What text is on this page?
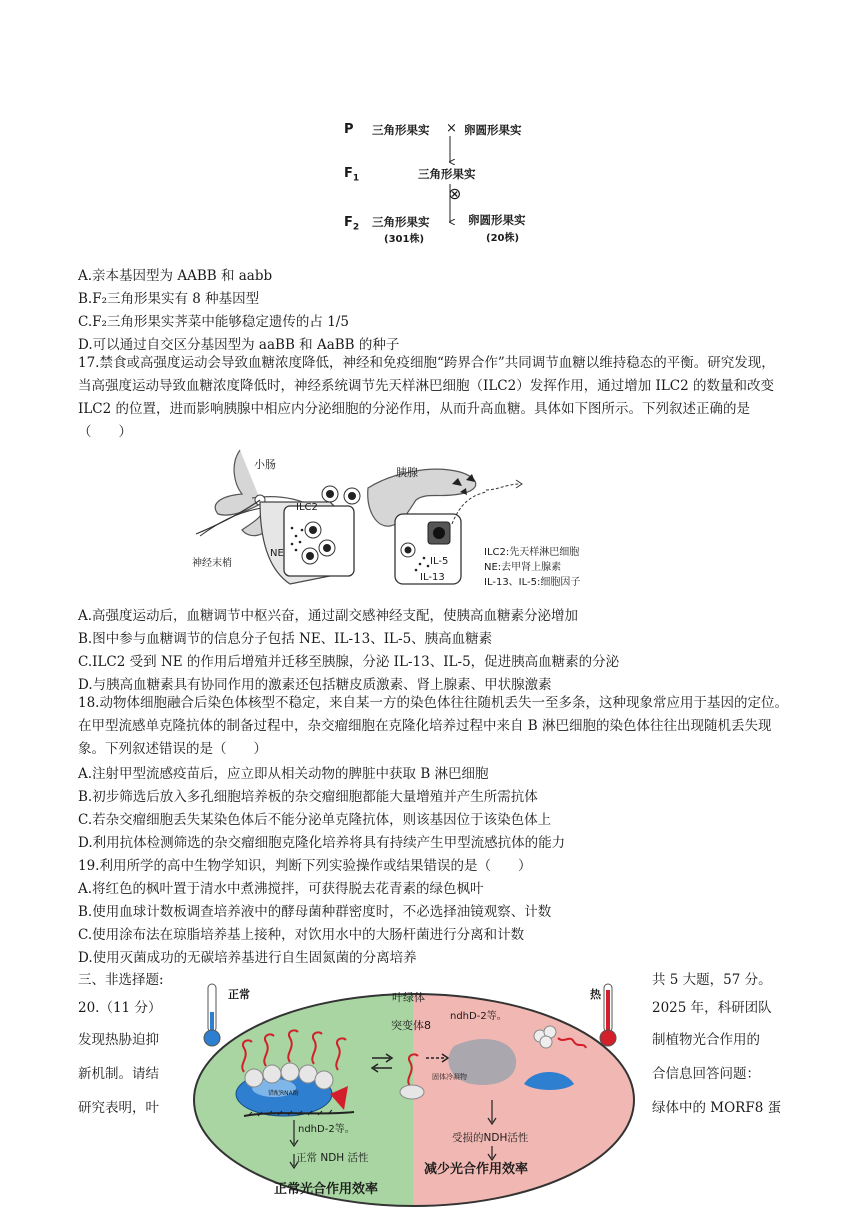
P 三角形果实 × 卵圆形果实
$F_1$	三角形果实
⊗
$F_2$ 三角形果实
(301株)
卵圆形果实
(20株)
A.亲本基因型为 AABB 和 aabb
B.F₂三角形果实有 8 种基因型
C.F₂三角形果实荠菜中能够稳定遗传的占 1/5
D.可以通过自交区分基因型为 aaBB 和 AaBB 的种子
17.禁食或高强度运动会导致血糖浓度降低，神经和免疫细胞“跨界合作”共同调节血糖以维持稳态的平衡。研究发现，当高强度运动导致血糖浓度降低时，神经系统调节先天样淋巴细胞（ILC2）发挥作用，通过增加 ILC2 的数量和改变 ILC2 的位置，进而影响胰腺中相应内分泌细胞的分泌作用，从而升高血糖。具体如下图所示。下列叙述正确的是（　　）
小肠
胰腺
ILC2
NE
神经末梢	IL-5
IL-13
ILC2:先天样淋巴细胞
NE:去甲肾上腺素
IL-13、IL-5:细胞因子
A.高强度运动后，血糖调节中枢兴奋，通过副交感神经支配，使胰高血糖素分泌增加
B.图中参与血糖调节的信息分子包括 NE、IL-13、IL-5、胰高血糖素
C.ILC2 受到 NE 的作用后增殖并迁移至胰腺，分泌 IL-13、IL-5，促进胰高血糖素的分泌
D.与胰高血糖素具有协同作用的激素还包括糖皮质激素、肾上腺素、甲状腺激素
18.动物体细胞融合后染色体核型不稳定，来自某一方的染色体往往随机丢失一至多条，这种现象常应用于基因的定位。在甲型流感单克隆抗体的制备过程中，杂交瘤细胞在克隆化培养过程中来自 B 淋巴细胞的染色体往往出现随机丢失现象。下列叙述错误的是（　　）
A.注射甲型流感疫苗后，应立即从相关动物的脾脏中获取 B 淋巴细胞
B.初步筛选后放入多孔细胞培养板的杂交瘤细胞都能大量增殖并产生所需抗体
C.若杂交瘤细胞丢失某染色体后不能分泌单克隆抗体，则该基因位于该染色体上
D.利用抗体检测筛选的杂交瘤细胞克隆化培养将具有持续产生甲型流感抗体的能力
19.利用所学的高中生物学知识，判断下列实验操作或结果错误的是（　　）
A.将红色的枫叶置于清水中煮沸搅拌，可获得脱去花青素的绿色枫叶
B.使用血球计数板调查培养液中的酵母菌种群密度时，不必选择油镜观察、计数
C.使用涂布法在琼脂培养基上接种，对饮用水中的大肠杆菌进行分离和计数
D.使用灭菌成功的无碳培养基进行自生固氮菌的分离培养
三、非选择题:	共 5 大题，57 分。
20.（11 分）	2025 年，科研团队
发现热胁迫抑	制植物光合作用的
新机制。请结	合信息回答问题：
研究表明，叶	绿体中的 MORF8 蛋
正常	热
叶绿体
突变体8
ndhD-2等。
错配RNA酶
固体冷凝物
ndhD-2等。
正常 NDH 活性
受损的NDH活性
正常光合作用效率
减少光合作用效率
